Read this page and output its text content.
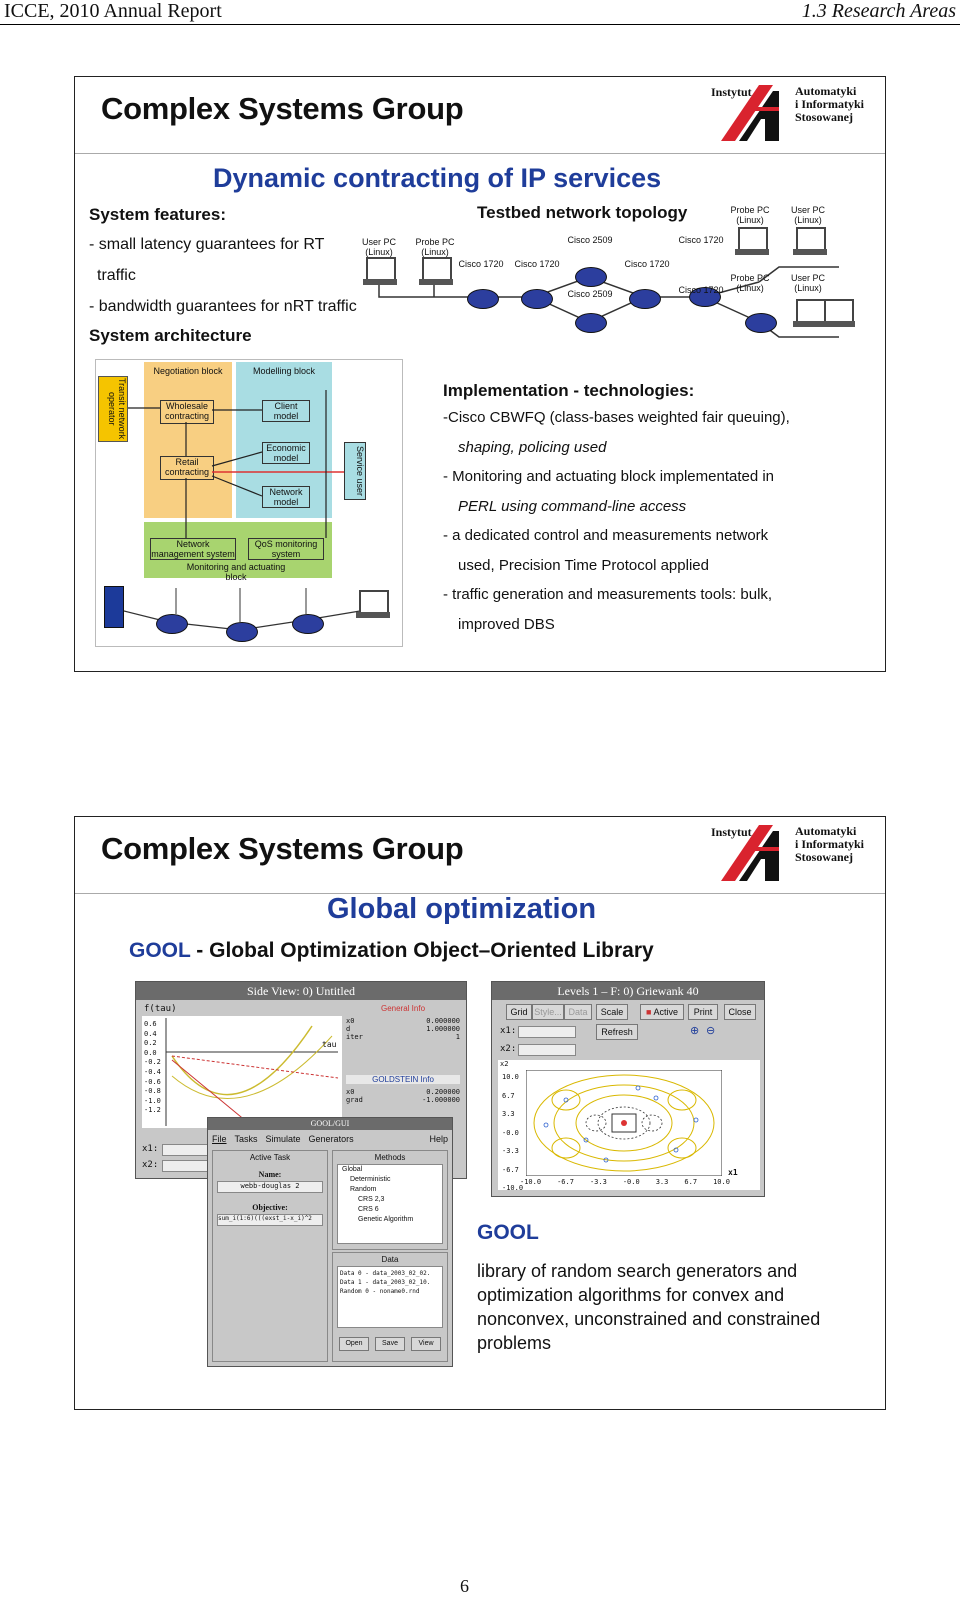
ICCE, 2010 Annual Report	1.3 Research Areas
Complex Systems Group	Instytut	Automatyki
i Informatyki
Stosowanej
Dynamic contracting of IP services
System features:
- small latency guarantees for RT
traffic
- bandwidth guarantees for nRT traffic
System architecture
Testbed network topology
User PC (Linux)
Probe PC (Linux)
Cisco 1720 Cisco 1720
Cisco 2509
Cisco 2509
Cisco 1720
Cisco 1720
Cisco 1720
Probe PC (Linux)
User PC (Linux)
Probe PC (Linux)
User PC (Linux)
Transit network operator
Negotiation block	Modelling block
Wholesale contracting
Client model
Economic model
Retail contracting
Network model
Service user
Network management system
QoS monitoring system
Monitoring and actuating block
Implementation - technologies:
-Cisco CBWFQ (class-bases weighted fair queuing),
shaping, policing used
- Monitoring and actuating block implementated in
PERL using command-line access
- a dedicated control and measurements network
used, Precision Time Protocol applied
- traffic generation and measurements tools: bulk,
improved DBS
Complex Systems Group	Instytut	Automatyki
i Informatyki
Stosowanej
Global optimization
GOOL - Global Optimization Object–Oriented Library
Side View: 0) Untitled
f(tau)
0.6
0.4
0.2
0.0
-0.2
-0.4
-0.6
-0.8
-1.0
-1.2
tau
General Info
x0	0.000000
d	1.000000
iter	1
GOLDSTEIN Info
x0	0.200000
grad	-1.000000
x1:
x2:
Levels 1 – F: 0) Griewank 40
Grid Style... Data	Scale	■ Active	Print	Close
x1:	Refresh	⊕ ⊖
x2:
x2
10.0
6.7
3.3
-0.0
-3.3
-6.7
-10.0
-10.0 -6.7 -3.3 -0.0 3.3 6.7 10.0
x1
GOOL/GUI
File Tasks Simulate Generators	Help
Active Task
Name:
webb-douglas 2
Objective:
sum_i(1:6)(((exst_i-x_i)^2
Methods
Global
Deterministic
Random
CRS 2,3
CRS 6
Genetic Algorithm
Data
Data 0 - data_2003_02_02.
Data 1 - data_2003_02_10.
Random 0 - noname0.rnd
Open	Save	View
GOOL
library of random search generators and optimization algorithms for convex and nonconvex, unconstrained and constrained problems
6
